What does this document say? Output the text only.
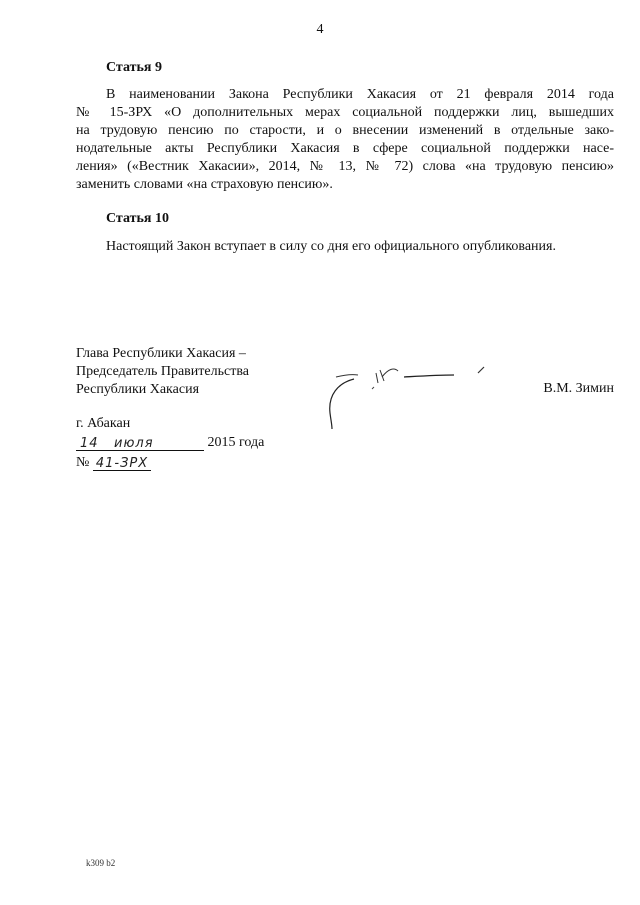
4
Статья 9
В наименовании Закона Республики Хакасия от 21 февраля 2014 года
№ 15-ЗРХ «О дополнительных мерах социальной поддержки лиц, вышедших
на трудовую пенсию по старости, и о внесении изменений в отдельные зако-
нодательные акты Республики Хакасия в сфере социальной поддержки насе-
ления» («Вестник Хакасии», 2014, № 13, № 72) слова «на трудовую пенсию»
заменить словами «на страховую пенсию».
Статья 10
Настоящий Закон вступает в силу со дня его официального опубликования.
Глава Республики Хакасия –
Председатель Правительства
Республики Хакасия	В.М. Зимин
г. Абакан
14 июля	2015 года
№ 41-ЗРХ
k309 b2
